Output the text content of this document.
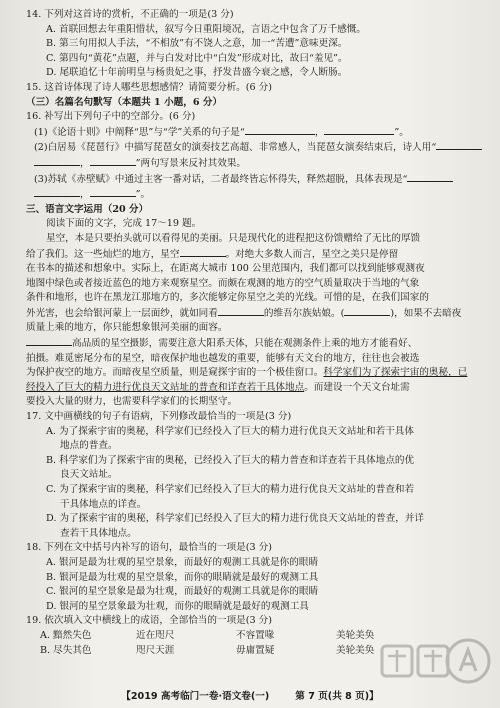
14. 下列对这首诗的赏析，不正确的一项是(3 分)
A. 首联回想去年重阳惜状，叙写今日重阳境况，言语之中包含了万千感慨。
B. 第三句用拟人手法，“不相放”有不饶人之意，加一“苦遭”意味更深。
C. 第四句“黄花”点题，并与白发对比中“白发”形成对比，故曰“羞见”。
D. 尾联追忆十年前明皇与杨贵妃之事，抒发昔盛今衰之感，令人断肠。
15. 这首诗体现了诗人哪些思想感情？请简要分析。(6 分)
（三）名篇名句默写（本题共 1 小题，6 分）
16. 补写出下列句子中的空部分。(6 分)
(1)《论语十则》中阐释“思”与“学”关系的句子是“	，	”。
(2)白居易《琵琶行》中描写琵琶女的演奏技艺高超、非常感人，当琵琶女演奏结束后，诗人用“
，	”两句写景来反衬其效果。
(3)苏轼《赤壁赋》中通过主客一番对话，二者最终皆忘怀得失，释然超脱，具体表现是“
，	”。
三、语言文字运用（20 分）
阅读下面的文字，完成 17～19 题。
星空，本是只要抬头就可以看得见的美丽。只是现代化的进程把这份馈赠给了无比的厚馈
给了我们。这一些灿烂的地方，星空	。对绝大多数人而言，星空之美只是停留
在书本的描述和想象中。实际上，在距离大城市 100 公里范围内，我们都可以找到能够观测夜
地图中绿色或者接近蓝色的地方来观察星空。而颇在观测的地方的空气质量取决于当地的气象
条件和地形，也许在黑龙江那地方的，多次能够定你星空之美的光线。可惜的是，在我们国家的
外光害，也会给银河蒙上一层面纱，就如同看	的维吾尔族姑娘。(	)，如果不去暗夜
质量上乘的地方，你只能想象银河美丽的面容。
高品质的星空摄影，需要注意大阳系天体，只能在观测条件上乘的地方才能看好、
拍摄。难觅密尾分布的星空，暗夜保护地也越发的重要，能够有天文台的地方，往往也会被选
为保护夜空的地方。而暗夜星空质量，则是窥探宇宙的一个极佳窗口。科学家们为了探索宇宙的奥秘，已
经投入了巨大的精力进行优良天文站址的普查和详查若干具体地点。而建设一个天文台址需
要投入大量的财力，也需要科学家们的长期坚守。
17. 文中画横线的句子有语病，下列修改最恰当的一项是(3 分)
A. 为了探索宇宙的奥秘，科学家们已经投入了巨大的精力进行优良天文站址和若干具体
地点的普查。
B. 科学家们为了探索宇宙的奥秘，已经投入了巨大的精力普查和详查若干具体地点的优
良天文站址。
C. 为了探索宇宙的奥秘，科学家们已经投入了巨大的精力进行优良天文站址的普查和若
干具体地点的详查。
D. 为了探索宇宙的奥秘，科学家们已经投入了巨大的精力进行优良天文站址的普查，并详
查若干具体地点。
18. 下列在文中括号内补写的语句，最恰当的一项是(3 分)
A. 银河是最为壮观的星空景象，而最好的观测工具就是你的眼睛
B. 银河是最为壮观的星空景象，而你的眼睛就是最好的观测工具
C. 银河的星空景象是最为壮观，而最好的观测工具就是你的眼睛
D. 银河的星空景象最为壮观，而你的眼睛就是最好的观测工具
19. 依次填入文中横线上的成语，全部恰当的一项是(3 分)
A. 黯然失色	近在咫尺	不容置喙	美轮美奂
B. 尽失其色	咫尺天涯	毋庸置疑	美轮美奂
【2019 高考临门一卷·语文卷(一)	第 7 页(共 8 页)】
